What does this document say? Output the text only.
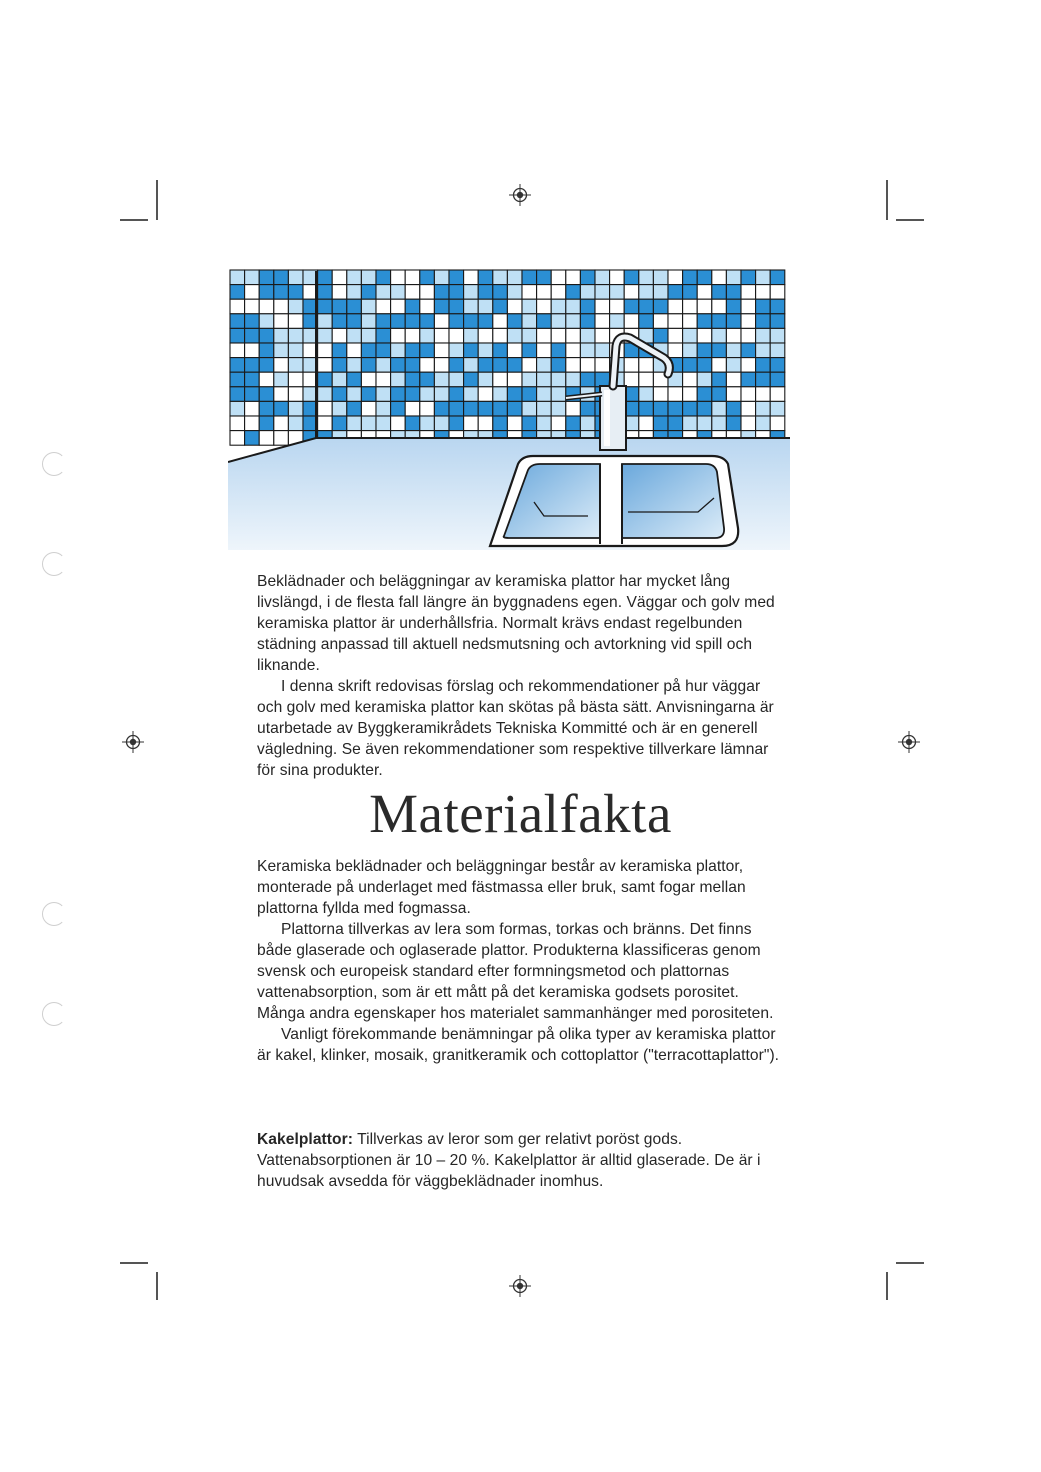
Beklädnader och beläggningar av keramiska plattor har mycket lång livslängd, i de flesta fall längre än byggnadens egen. Väggar och golv med keramiska plattor är underhållsfria. Normalt krävs endast regelbunden städning anpassad till aktuell nedsmutsning och avtorkning vid spill och liknande.

I denna skrift redovisas förslag och rekommendationer på hur väggar och golv med keramiska plattor kan skötas på bästa sätt. Anvisningarna är utarbetade av Byggkeramikrådets Tekniska Kommitté och är en generell vägledning. Se även rekommendationer som respektive tillverkare lämnar för sina produkter.

Materialfakta

Keramiska beklädnader och beläggningar består av keramiska plattor, monterade på underlaget med fästmassa eller bruk, samt fogar mellan plattorna fyllda med fogmassa.

Plattorna tillverkas av lera som formas, torkas och bränns. Det finns både glaserade och oglaserade plattor. Produkterna klassificeras genom svensk och europeisk standard efter formningsmetod och plattornas vattenabsorption, som är ett mått på det keramiska godsets porositet. Många andra egenskaper hos materialet sammanhänger med porositeten.

Vanligt förekommande benämningar på olika typer av keramiska plattor är kakel, klinker, mosaik, granitkeramik och cottoplattor ("terracottaplattor").

Kakelplattor: Tillverkas av leror som ger relativt poröst gods. Vattenabsorptionen är 10 – 20 %. Kakelplattor är alltid glaserade. De är i huvudsak avsedda för väggbeklädnader inomhus.
